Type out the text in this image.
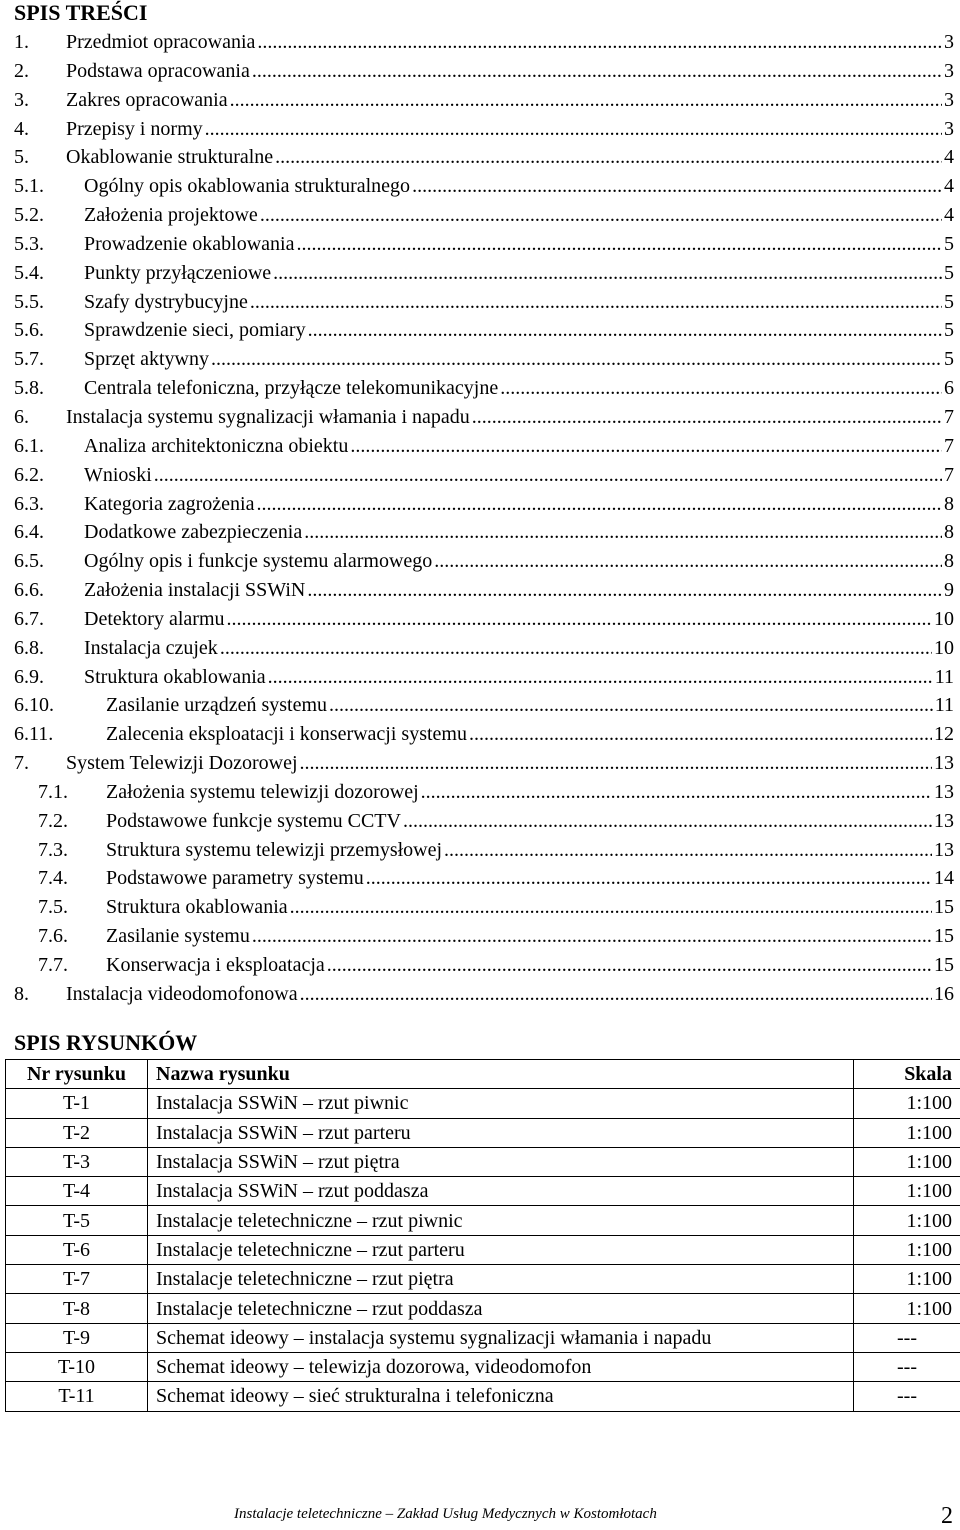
SPIS TREŚCI
1. Przedmiot opracowania .....	3
2. Podstawa opracowania .....	3
3. Zakres opracowania .....	3
4. Przepisy i normy .....	3
5. Okablowanie strukturalne .....	4
5.1. Ogólny opis okablowania strukturalnego .....	4
5.2. Założenia projektowe .....	4
5.3. Prowadzenie okablowania .....	5
5.4. Punkty przyłączeniowe .....	5
5.5. Szafy dystrybucyjne .....	5
5.6. Sprawdzenie sieci, pomiary .....	5
5.7. Sprzęt aktywny .....	5
5.8. Centrala telefoniczna, przyłącze telekomunikacyjne .....	6
6. Instalacja systemu sygnalizacji włamania i napadu .....	7
6.1. Analiza architektoniczna obiektu .....	7
6.2. Wnioski .....	7
6.3. Kategoria zagrożenia .....	8
6.4. Dodatkowe zabezpieczenia .....	8
6.5. Ogólny opis i funkcje systemu alarmowego .....	8
6.6. Założenia instalacji SSWiN .....	9
6.7. Detektory alarmu .....	10
6.8. Instalacja czujek .....	10
6.9. Struktura okablowania .....	11
6.10.	Zasilanie urządzeń systemu .....	11
6.11.	Zalecenia eksploatacji i konserwacji systemu .....	12
7. System Telewizji Dozorowej .....	13
7.1. Założenia systemu telewizji dozorowej .....	13
7.2. Podstawowe funkcje systemu CCTV .....	13
7.3. Struktura systemu telewizji przemysłowej .....	13
7.4. Podstawowe parametry systemu .....	14
7.5. Struktura okablowania .....	15
7.6. Zasilanie systemu .....	15
7.7. Konserwacja i eksploatacja .....	15
8. Instalacja videodomofonowa .....	16
SPIS RYSUNKÓW
Nr rysunku	Nazwa rysunku	Skala
T-1	Instalacja SSWiN – rzut piwnic	1:100
T-2	Instalacja SSWiN – rzut parteru	1:100
T-3	Instalacja SSWiN – rzut piętra	1:100
T-4	Instalacja SSWiN – rzut poddasza	1:100
T-5	Instalacje teletechniczne – rzut piwnic	1:100
T-6	Instalacje teletechniczne – rzut parteru	1:100
T-7	Instalacje teletechniczne – rzut piętra	1:100
T-8	Instalacje teletechniczne – rzut poddasza	1:100
T-9	Schemat ideowy – instalacja systemu sygnalizacji włamania i napadu	---
T-10	Schemat ideowy – telewizja dozorowa, videodomofon	---
T-11	Schemat ideowy – sieć strukturalna i telefoniczna	---
Instalacje teletechniczne – Zakład Usług Medycznych w Kostomłotach	2
